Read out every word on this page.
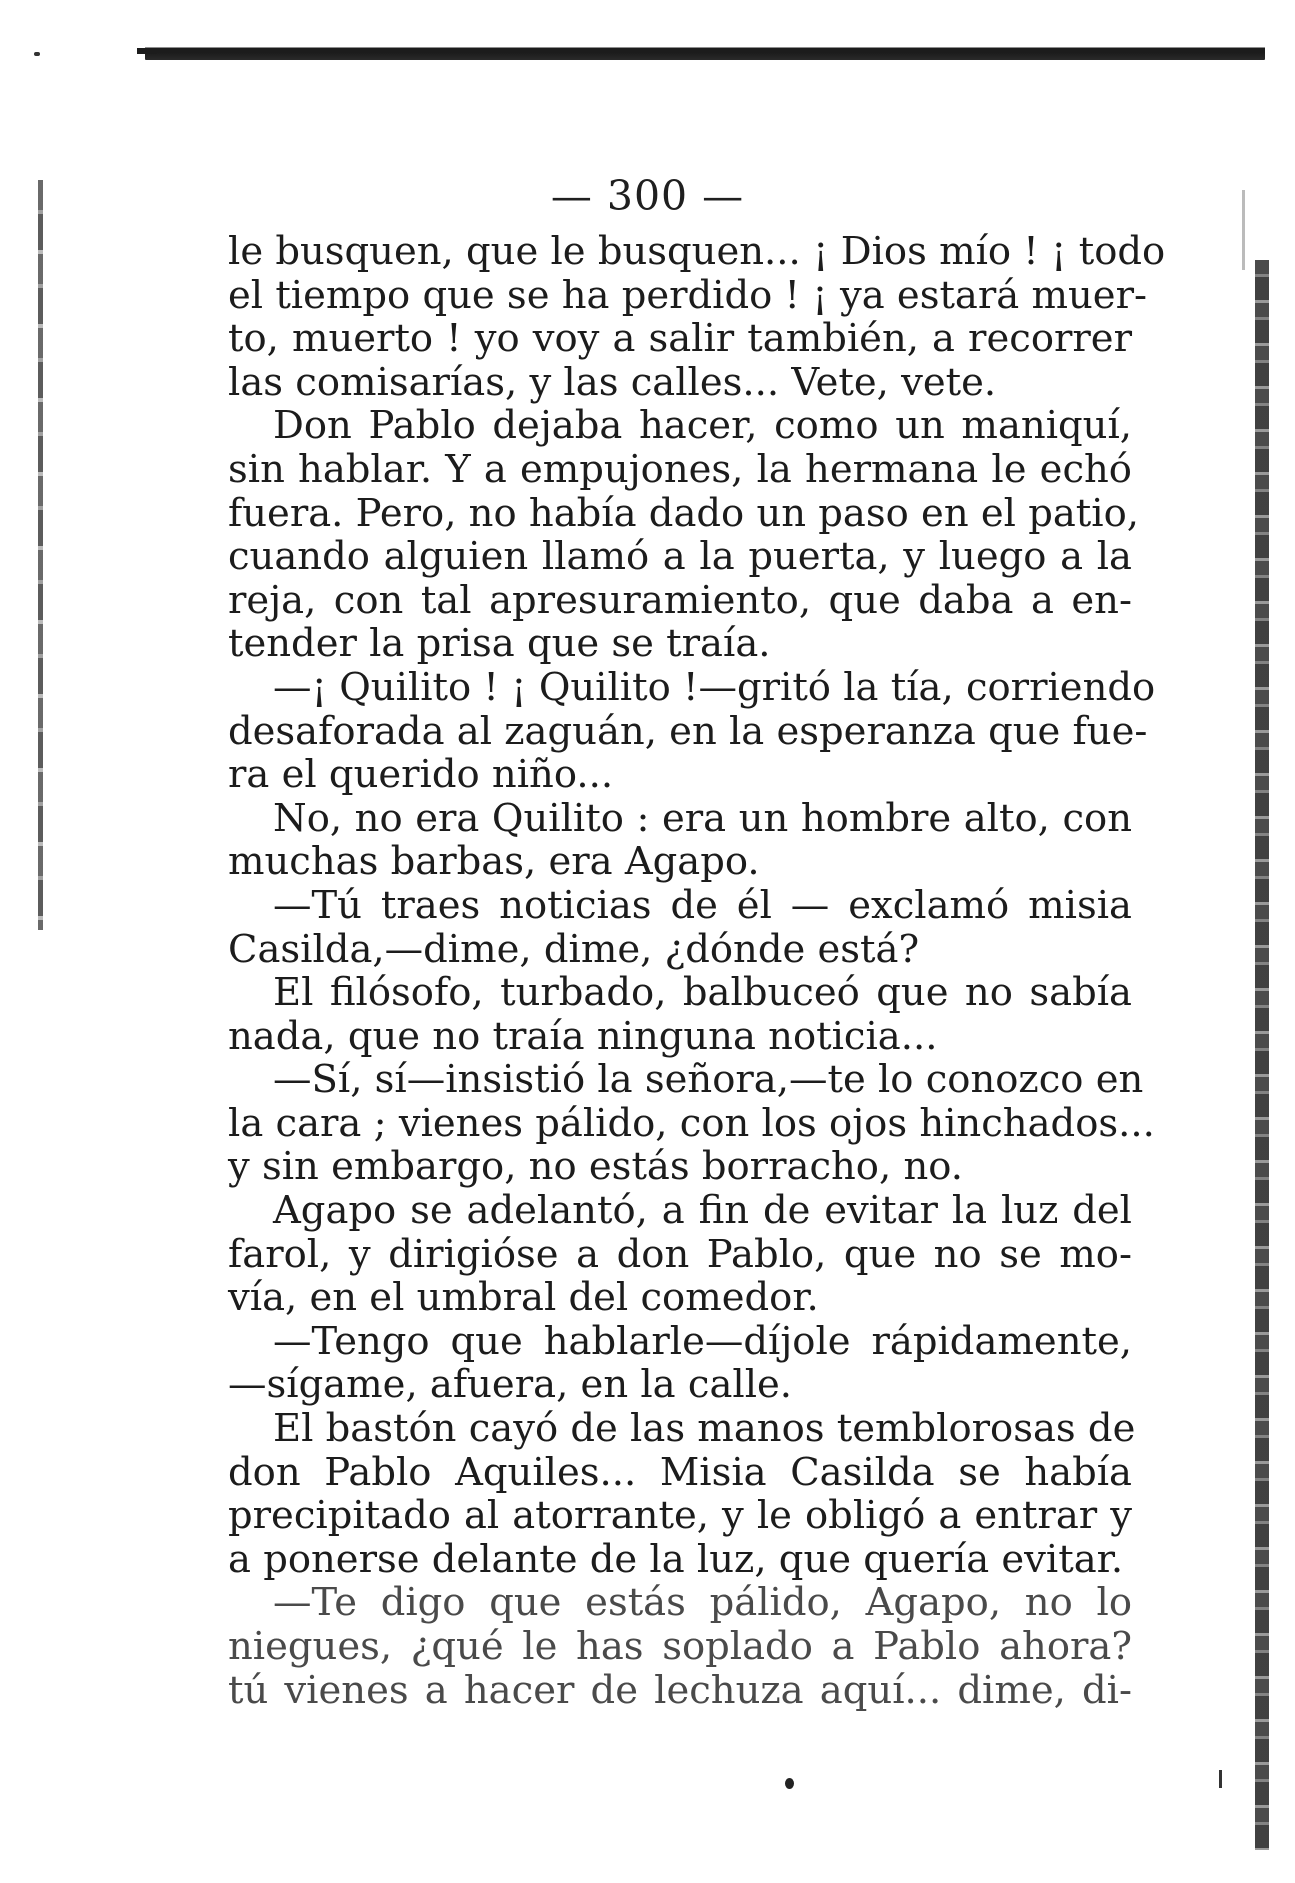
— 300 —
le busquen, que le busquen... ¡ Dios mío ! ¡ todo
el tiempo que se ha perdido ! ¡ ya estará muer-
to, muerto ! yo voy a salir también, a recorrer
las comisarías, y las calles... Vete, vete.
Don Pablo dejaba hacer, como un maniquí,
sin hablar. Y a empujones, la hermana le echó
fuera. Pero, no había dado un paso en el patio,
cuando alguien llamó a la puerta, y luego a la
reja, con tal apresuramiento, que daba a en-
tender la prisa que se traía.
—¡ Quilito ! ¡ Quilito !—gritó la tía, corriendo
desaforada al zaguán, en la esperanza que fue-
ra el querido niño...
No, no era Quilito : era un hombre alto, con
muchas barbas, era Agapo.
—Tú traes noticias de él — exclamó misia
Casilda,—dime, dime, ¿dónde está?
El filósofo, turbado, balbuceó que no sabía
nada, que no traía ninguna noticia...
—Sí, sí—insistió la señora,—te lo conozco en
la cara ; vienes pálido, con los ojos hinchados...
y sin embargo, no estás borracho, no.
Agapo se adelantó, a fin de evitar la luz del
farol, y dirigióse a don Pablo, que no se mo-
vía, en el umbral del comedor.
—Tengo que hablarle—díjole rápidamente,
—sígame, afuera, en la calle.
El bastón cayó de las manos temblorosas de
don Pablo Aquiles... Misia Casilda se había
precipitado al atorrante, y le obligó a entrar y
a ponerse delante de la luz, que quería evitar.
—Te digo que estás pálido, Agapo, no lo
niegues, ¿qué le has soplado a Pablo ahora?
tú vienes a hacer de lechuza aquí... dime, di-
